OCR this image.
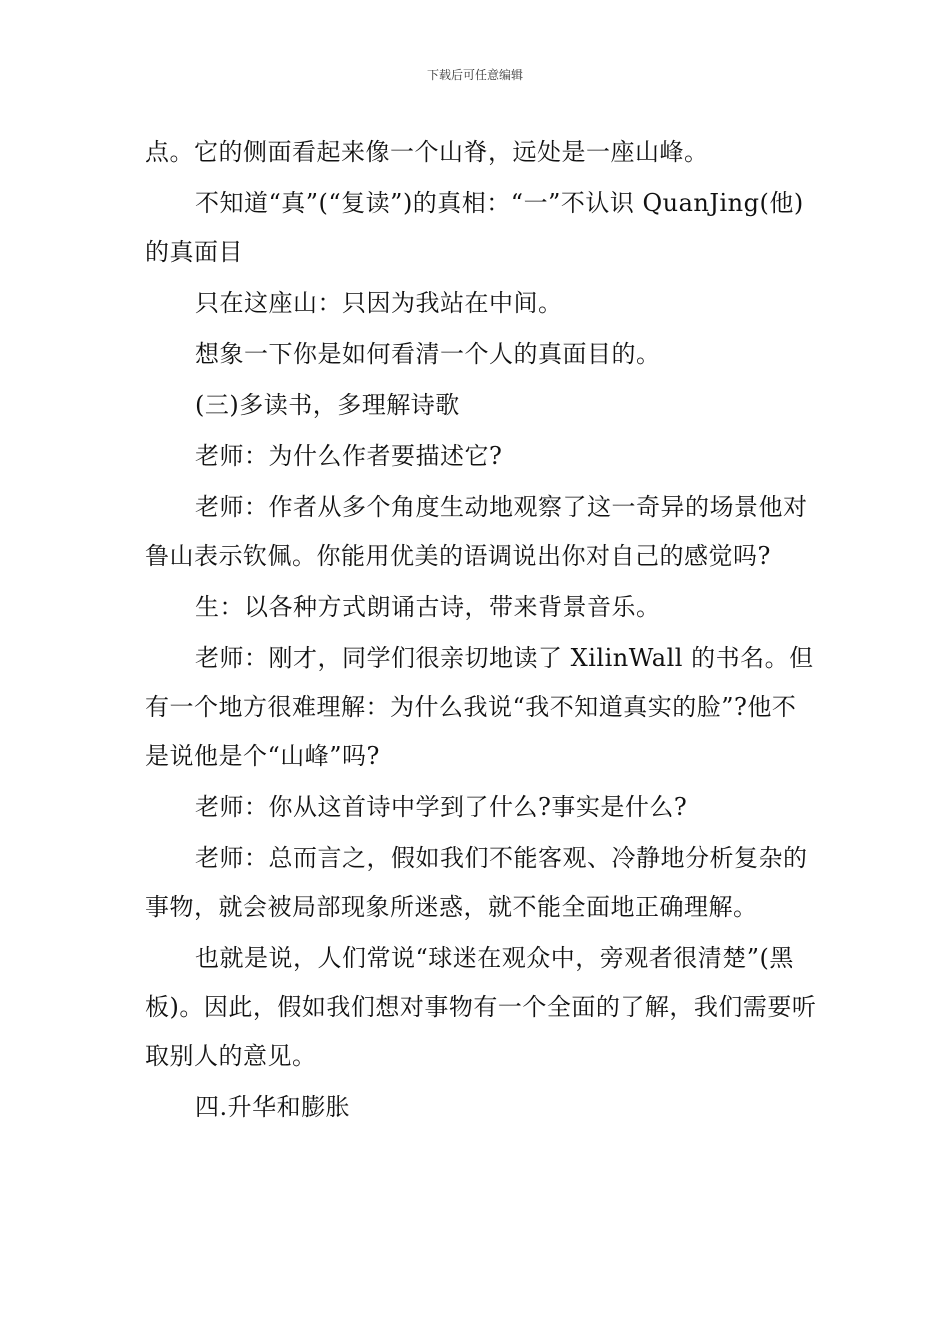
下载后可任意编辑

点。它的侧面看起来像一个山脊，远处是一座山峰。

不知道“真”(“复读”)的真相：“一”不认识 QuanJing(他)的真面目

只在这座山：只因为我站在中间。

想象一下你是如何看清一个人的真面目的。

(三)多读书，多理解诗歌

老师：为什么作者要描述它?

老师：作者从多个角度生动地观察了这一奇异的场景他对鲁山表示钦佩。你能用优美的语调说出你对自己的感觉吗?

生：以各种方式朗诵古诗，带来背景音乐。

老师：刚才，同学们很亲切地读了 XilinWall 的书名。但有一个地方很难理解：为什么我说“我不知道真实的脸”?他不是说他是个“山峰”吗?

老师：你从这首诗中学到了什么?事实是什么?

老师：总而言之，假如我们不能客观、冷静地分析复杂的事物，就会被局部现象所迷惑，就不能全面地正确理解。

也就是说，人们常说“球迷在观众中，旁观者很清楚”(黑板)。因此，假如我们想对事物有一个全面的了解，我们需要听取别人的意见。

四.升华和膨胀
